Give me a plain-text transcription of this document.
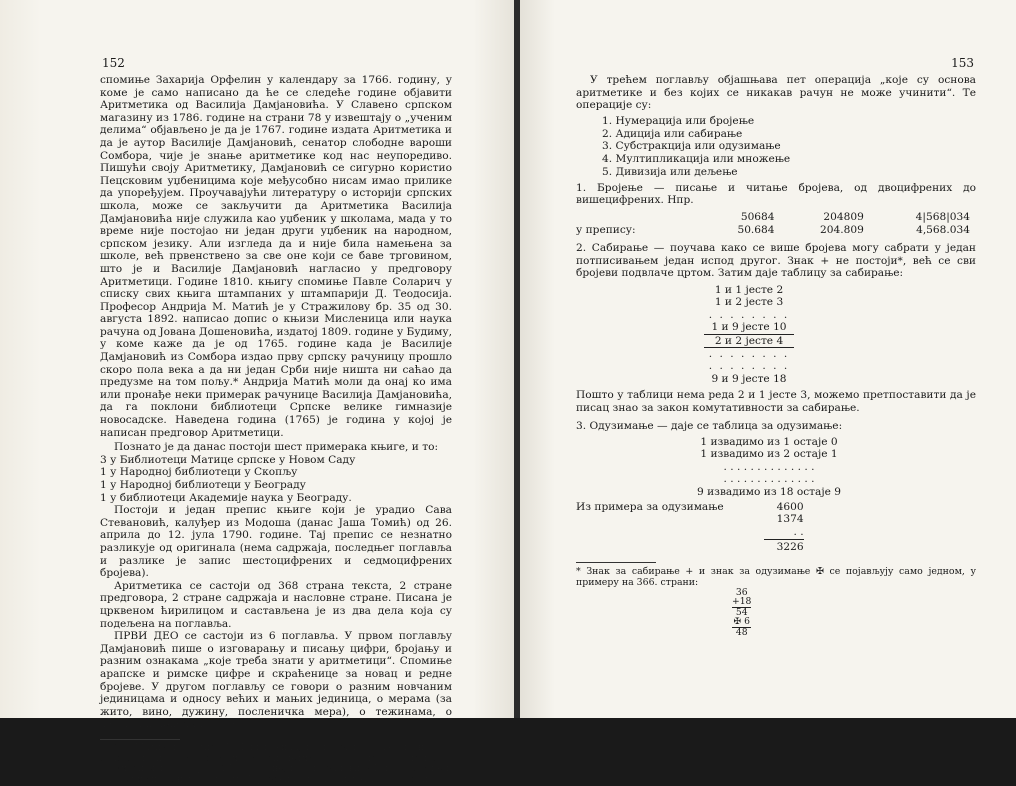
152

спомиње Захарија Орфелин у календару за 1766. годину, у коме је само написано да ће се следеће године објавити Аритметика од Василија Дамјановића. У Славено српском магазину из 1786. године на страни 78 у извештају о „ученим делима“ објављено је да је 1767. године издата Аритметика и да је аутор Василије Дамјановић, сенатор слободне вароши Сомбора, чије је знање аритметике код нас неупоредиво. Пишући своју Аритметику, Дамјановић се сигурно користио Пецсковим уџбеницима које међусобно нисам имао прилике да упоређујем. Проучавајући литературу о историји српских школа, може се закључити да Аритметика Василија Дамјановића није служила као уџбеник у школама, мада у то време није постојао ни један други уџбеник на народном, српском језику. Али изгледа да и није била намењена за школе, већ првенствено за све оне који се баве трговином, што је и Василије Дамјановић нагласио у предговору Аритметици. Године 1810. књигу спомиње Павле Соларич у списку свих књига штампаних у штампарији Д. Теодосија. Професор Андрија М. Матић је у Стражилову бр. 35 од 30. августа 1892. написао допис о књизи Мисленица или наука рачуна од Јована Дошеновића, издатој 1809. године у Будиму, у коме каже да је од 1765. године када је Василије Дамјановић из Сомбора издао прву српску рачуницу прошло скоро пола века а да ни један Срби није ништа ни саћао да предузме на том пољу.* Андрија Матић моли да онај ко има или пронађе неки примерак рачунице Василија Дамјановића, да га поклони библиотеци Српске велике гимназије новосадске. Наведена година (1765) је година у којој је написан предговор Аритметици.

Познато је да данас постоји шест примерака књиге, и то:

3 у Библиотеци Матице српске у Новом Саду
1 у Народној библиотеци у Скопљу
1 у Народној библиотеци у Београду
1 у библиотеци Академије наука у Београду.

Постоји и један препис књиге који је урадио Сава Стевановић, калуђер из Модоша (данас Јаша Томић) од 26. априла до 12. јула 1790. године. Тај препис се незнатно разликује од оригинала (нема садржаја, последњег поглавља и разлике је запис шестоцифрених и седмоцифрених бројева).

Аритметика се састоји од 368 страна текста, 2 стране предговора, 2 стране садржаја и насловне стране. Писана је црквеном ћирилицом и састављена је из два дела која су подељена на поглавља.

ПРВИ ДЕО се састоји из 6 поглавља. У првом поглављу Дамјановић пише о изговарању и писању цифри, бројању и разним ознакама „које треба знати у аритметици“. Спомиње арапске и римске цифре и скраћенице за новац и редне бројеве. У другом поглављу се говори о разним новчаним јединицама и односу већих и мањих јединица, о мерама (за жито, вино, дужину, посленичка мера), о тежинама, о хартији и подели године.

* А Матић ту цитира Ј. Дошеновића, који, изгледа, као и он, није знао за књигу Руководствије к аритметики, коју је превео Атанасије Димитријевич Секереш 1777. године, као ни за књигу Руководствије к науке числителној од Аврама Мразовића, која је издата 1794. године.
153

У трећем поглављу објашњава пет операција „које су основа аритметике и без којих се никакав рачун не може учинити“. Те операције су:

1. Нумерација или бројење
2. Адиција или сабирање
3. Субстракција или одузимање
4. Мултипликација или множење
5. Дивизија или дељење

1. Бројење — писање и читање бројева, од двоцифрених до вишецифрених. Нпр.

	50684	204809	4|568|034
у препису:	50.684	204.809	4,568.034

2. Сабирање — поучава како се више бројева могу сабрати у један потписивањем један испод другог. Знак + не постоји*, већ се сви бројеви подвлаче цртом. Затим даје таблицу за сабирање:

1 и 1 јесте 2
1 и 2 јесте 3
. . . . . . . .
1 и 9 јесте 10
2 и 2 јесте 4
. . . . . . . .
. . . . . . . .
9 и 9 јесте 18

Пошто у таблици нема реда 2 и 1 јесте 3, можемо претпоставити да је писац знао за закон комутативности за сабирање.

3. Одузимање — даје се таблица за одузимање:

1 извадимо из 1 остаје 0
1 извадимо из 2 остаје 1
. . . . . . . . . . . . . .
. . . . . . . . . . . . . .
9 извадимо из 18 остаје 9
Из примера за одузимање	4600
1374
. .
3226
* Знак за сабирање + и знак за одузимање ✠ се појављују само једном, у примеру на 366. страни:
36
+18
54
✠ 6
48
